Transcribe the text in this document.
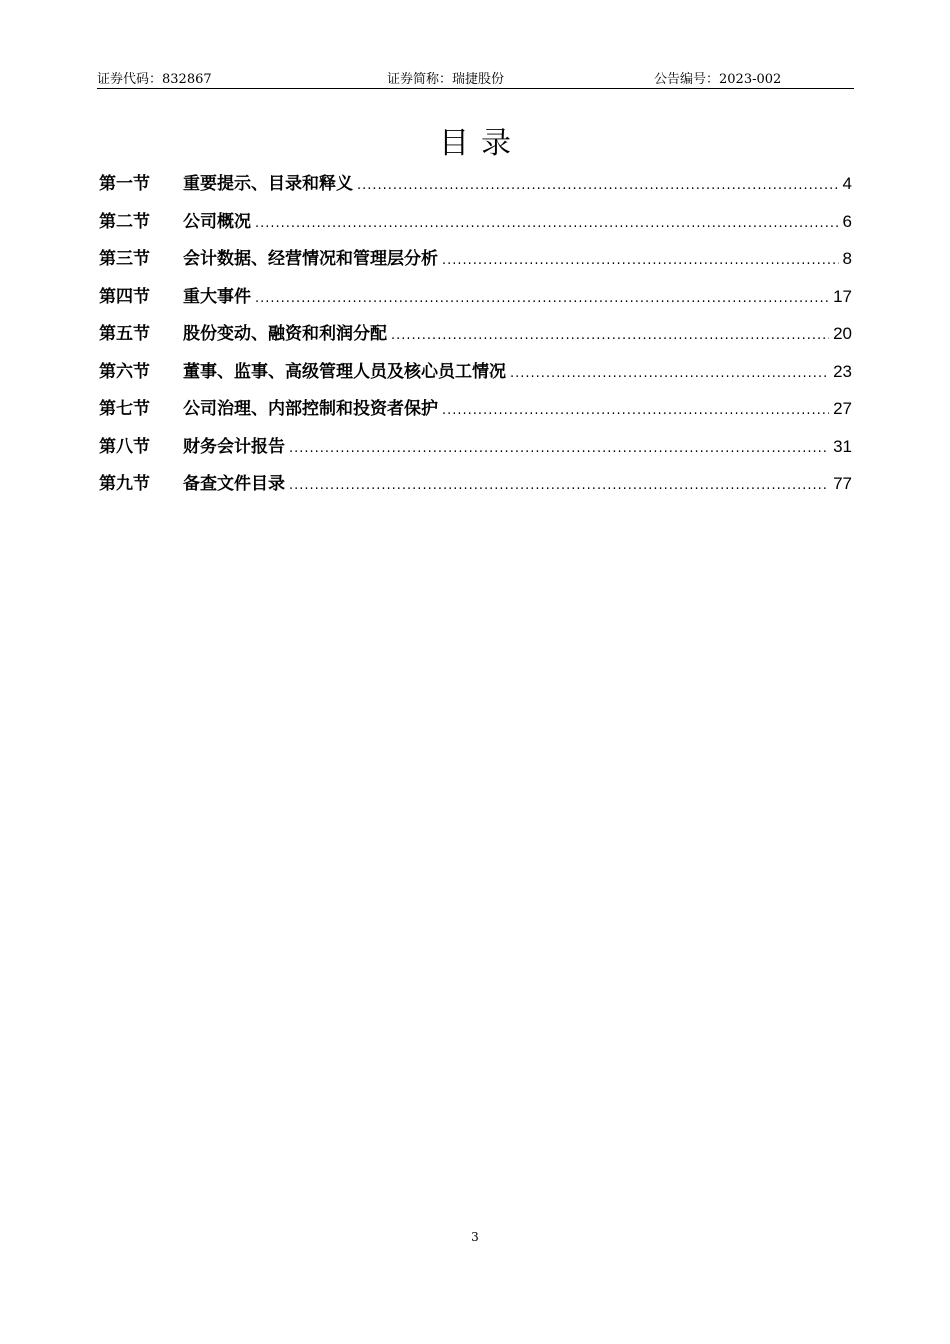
证券代码：832867	证券简称：瑞捷股份	公告编号：2023-002
目录
第一节	重要提示、目录和释义 .....	4
第二节	公司概况 .....	6
第三节	会计数据、经营情况和管理层分析 .....	8
第四节	重大事件 .....	17
第五节	股份变动、融资和利润分配 .....	20
第六节	董事、监事、高级管理人员及核心员工情况 .....	23
第七节	公司治理、内部控制和投资者保护 .....	27
第八节	财务会计报告 .....	31
第九节	备查文件目录 .....	77
3
